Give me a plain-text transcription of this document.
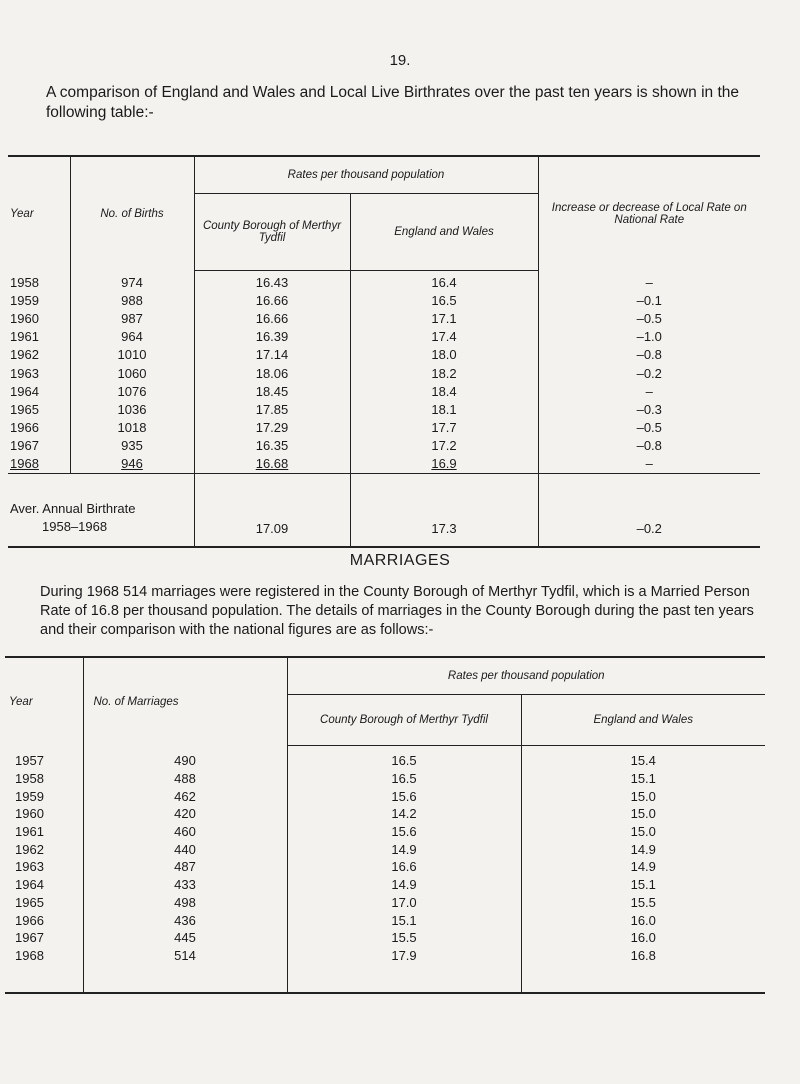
19.
A comparison of England and Wales and Local Live Birthrates over the past ten years is shown in the following table:-
Year	No. of Births	Rates per thousand population		Increase or decrease of Local Rate on National Rate
		County Borough of Merthyr Tydfil	England and Wales	
1958	974	16.43	16.4	–
1959	988	16.66	16.5	–0.1
1960	987	16.66	17.1	–0.5
1961	964	16.39	17.4	–1.0
1962	1010	17.14	18.0	–0.8
1963	1060	18.06	18.2	–0.2
1964	1076	18.45	18.4	–
1965	1036	17.85	18.1	–0.3
1966	1018	17.29	17.7	–0.5
1967	935	16.35	17.2	–0.8
1968	946	16.68	16.9	–

Aver. Annual Birthrate
1958–1968		17.09	17.3	–0.2
MARRIAGES
During 1968 514 marriages were registered in the County Borough of Merthyr Tydfil, which is a Married Person Rate of 16.8 per thousand population. The details of marriages in the County Borough during the past ten years and their comparison with the national figures are as follows:-
Year	No. of Marriages	Rates per thousand population	
		County Borough of Merthyr Tydfil	England and Wales
1957	490	16.5	15.4
1958	488	16.5	15.1
1959	462	15.6	15.0
1960	420	14.2	15.0
1961	460	15.6	15.0
1962	440	14.9	14.9
1963	487	16.6	14.9
1964	433	14.9	15.1
1965	498	17.0	15.5
1966	436	15.1	16.0
1967	445	15.5	16.0
1968	514	17.9	16.8
